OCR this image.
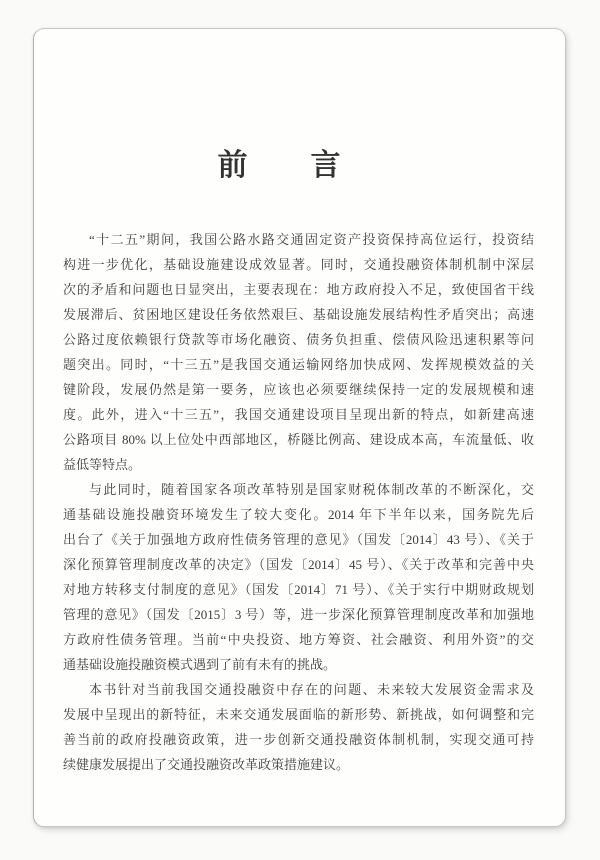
前　　言
“十二五”期间，我国公路水路交通固定资产投资保持高位运行，投资结
构进一步优化，基础设施建设成效显著。同时，交通投融资体制机制中深层
次的矛盾和问题也日显突出，主要表现在：地方政府投入不足，致使国省干线
发展滞后、贫困地区建设任务依然艰巨、基础设施发展结构性矛盾突出；高速
公路过度依赖银行贷款等市场化融资、债务负担重、偿债风险迅速积累等问
题突出。同时，“十三五”是我国交通运输网络加快成网、发挥规模效益的关
键阶段，发展仍然是第一要务，应该也必须要继续保持一定的发展规模和速
度。此外，进入“十三五”，我国交通建设项目呈现出新的特点，如新建高速
公路项目 80% 以上位处中西部地区，桥隧比例高、建设成本高，车流量低、收
益低等特点。
与此同时，随着国家各项改革特别是国家财税体制改革的不断深化，交
通基础设施投融资环境发生了较大变化。2014 年下半年以来，国务院先后
出台了《关于加强地方政府性债务管理的意见》（国发〔2014〕43 号）、《关于
深化预算管理制度改革的决定》（国发〔2014〕45 号）、《关于改革和完善中央
对地方转移支付制度的意见》（国发〔2014〕71 号）、《关于实行中期财政规划
管理的意见》（国发〔2015〕3 号）等，进一步深化预算管理制度改革和加强地
方政府性债务管理。当前“中央投资、地方筹资、社会融资、利用外资”的交
通基础设施投融资模式遇到了前有未有的挑战。
本书针对当前我国交通投融资中存在的问题、未来较大发展资金需求及
发展中呈现出的新特征，未来交通发展面临的新形势、新挑战，如何调整和完
善当前的政府投融资政策，进一步创新交通投融资体制机制，实现交通可持
续健康发展提出了交通投融资改革政策措施建议。
